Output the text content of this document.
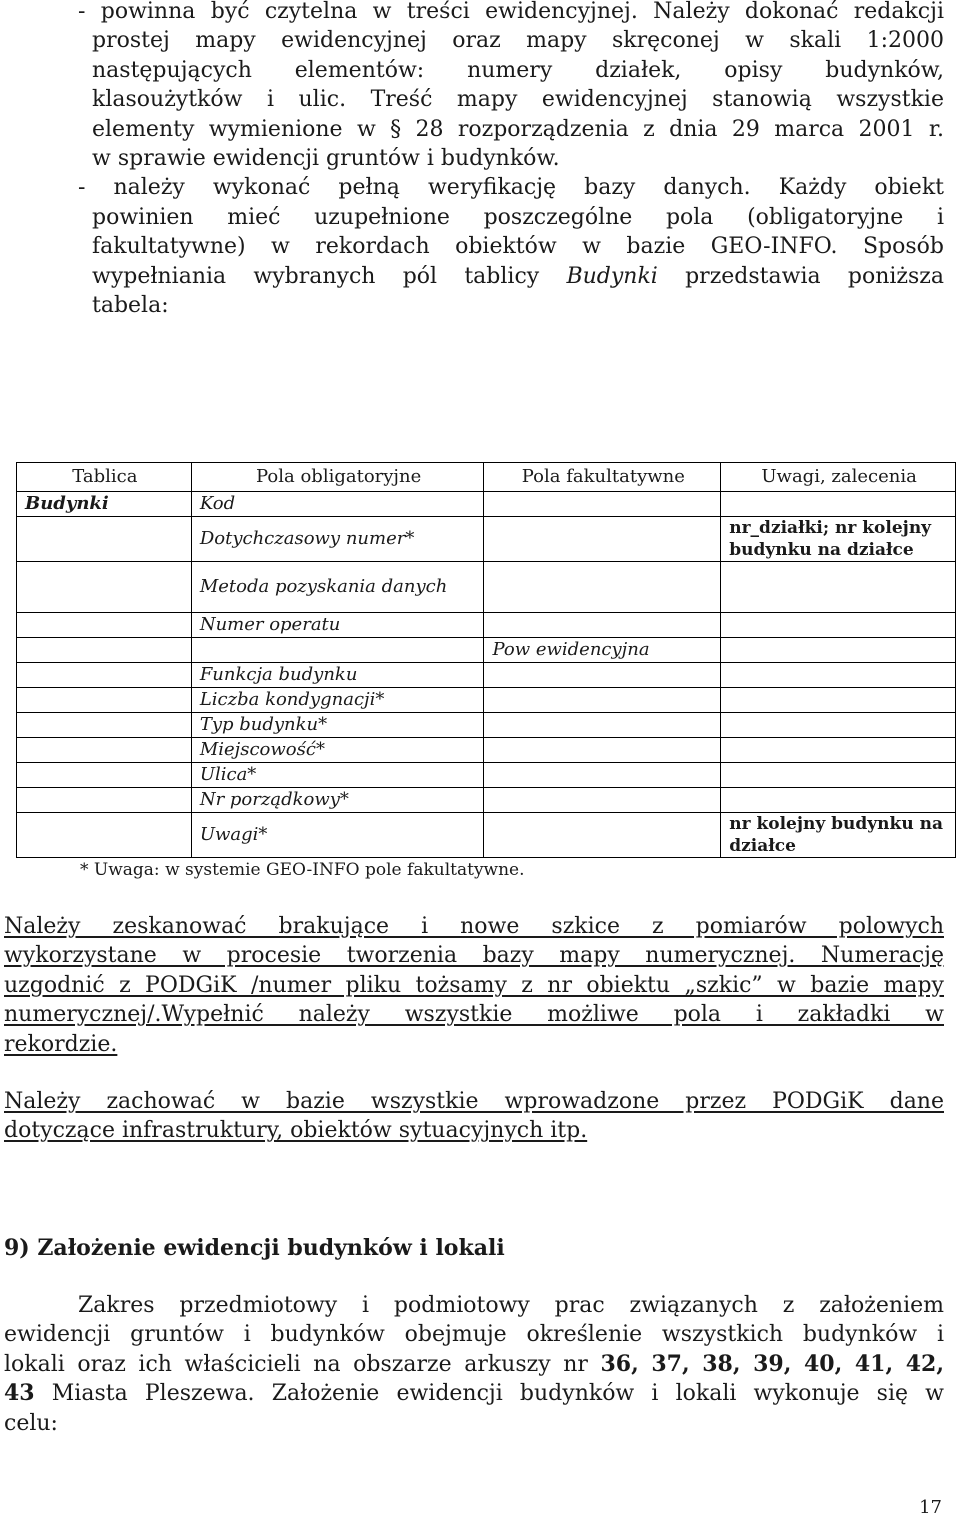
- powinna być czytelna w treści ewidencyjnej. Należy dokonać redakcji
prostej mapy ewidencyjnej oraz mapy skręconej w skali 1:2000
następujących elementów: numery działek, opisy budynków,
klasoużytków i ulic. Treść mapy ewidencyjnej stanowią wszystkie
elementy wymienione w § 28 rozporządzenia z dnia 29 marca 2001 r.
w sprawie ewidencji gruntów i budynków.
- należy wykonać pełną weryfikację bazy danych. Każdy obiekt
powinien mieć uzupełnione poszczególne pola (obligatoryjne i
fakultatywne) w rekordach obiektów w bazie GEO-INFO. Sposób
wypełniania wybranych pól tablicy Budynki przedstawia poniższa
tabela:
Tablica	Pola obligatoryjne	Pola fakultatywne	Uwagi, zalecenia
Budynki	Kod		
	Dotychczasowy numer*		nr_działki; nr kolejny budynku na działce
	Metoda pozyskania danych		
	Numer operatu		
		Pow ewidencyjna	
	Funkcja budynku		
	Liczba kondygnacji*		
	Typ budynku*		
	Miejscowość*		
	Ulica*		
	Nr porządkowy*		
	Uwagi*		nr kolejny budynku na działce
* Uwaga: w systemie GEO-INFO pole fakultatywne.
Należy zeskanować brakujące i nowe szkice z pomiarów polowych
wykorzystane w procesie tworzenia bazy mapy numerycznej. Numerację
uzgodnić z PODGiK /numer pliku tożsamy z nr obiektu „szkic” w bazie mapy
numerycznej/.Wypełnić należy wszystkie możliwe pola i zakładki w
rekordzie.
Należy zachować w bazie wszystkie wprowadzone przez PODGiK dane
dotyczące infrastruktury, obiektów sytuacyjnych itp.
9) Założenie ewidencji budynków i lokali
Zakres przedmiotowy i podmiotowy prac związanych z założeniem
ewidencji gruntów i budynków obejmuje określenie wszystkich budynków i
lokali oraz ich właścicieli na obszarze arkuszy nr 36, 37, 38, 39, 40, 41, 42,
43 Miasta Pleszewa. Założenie ewidencji budynków i lokali wykonuje się w
celu:
17
